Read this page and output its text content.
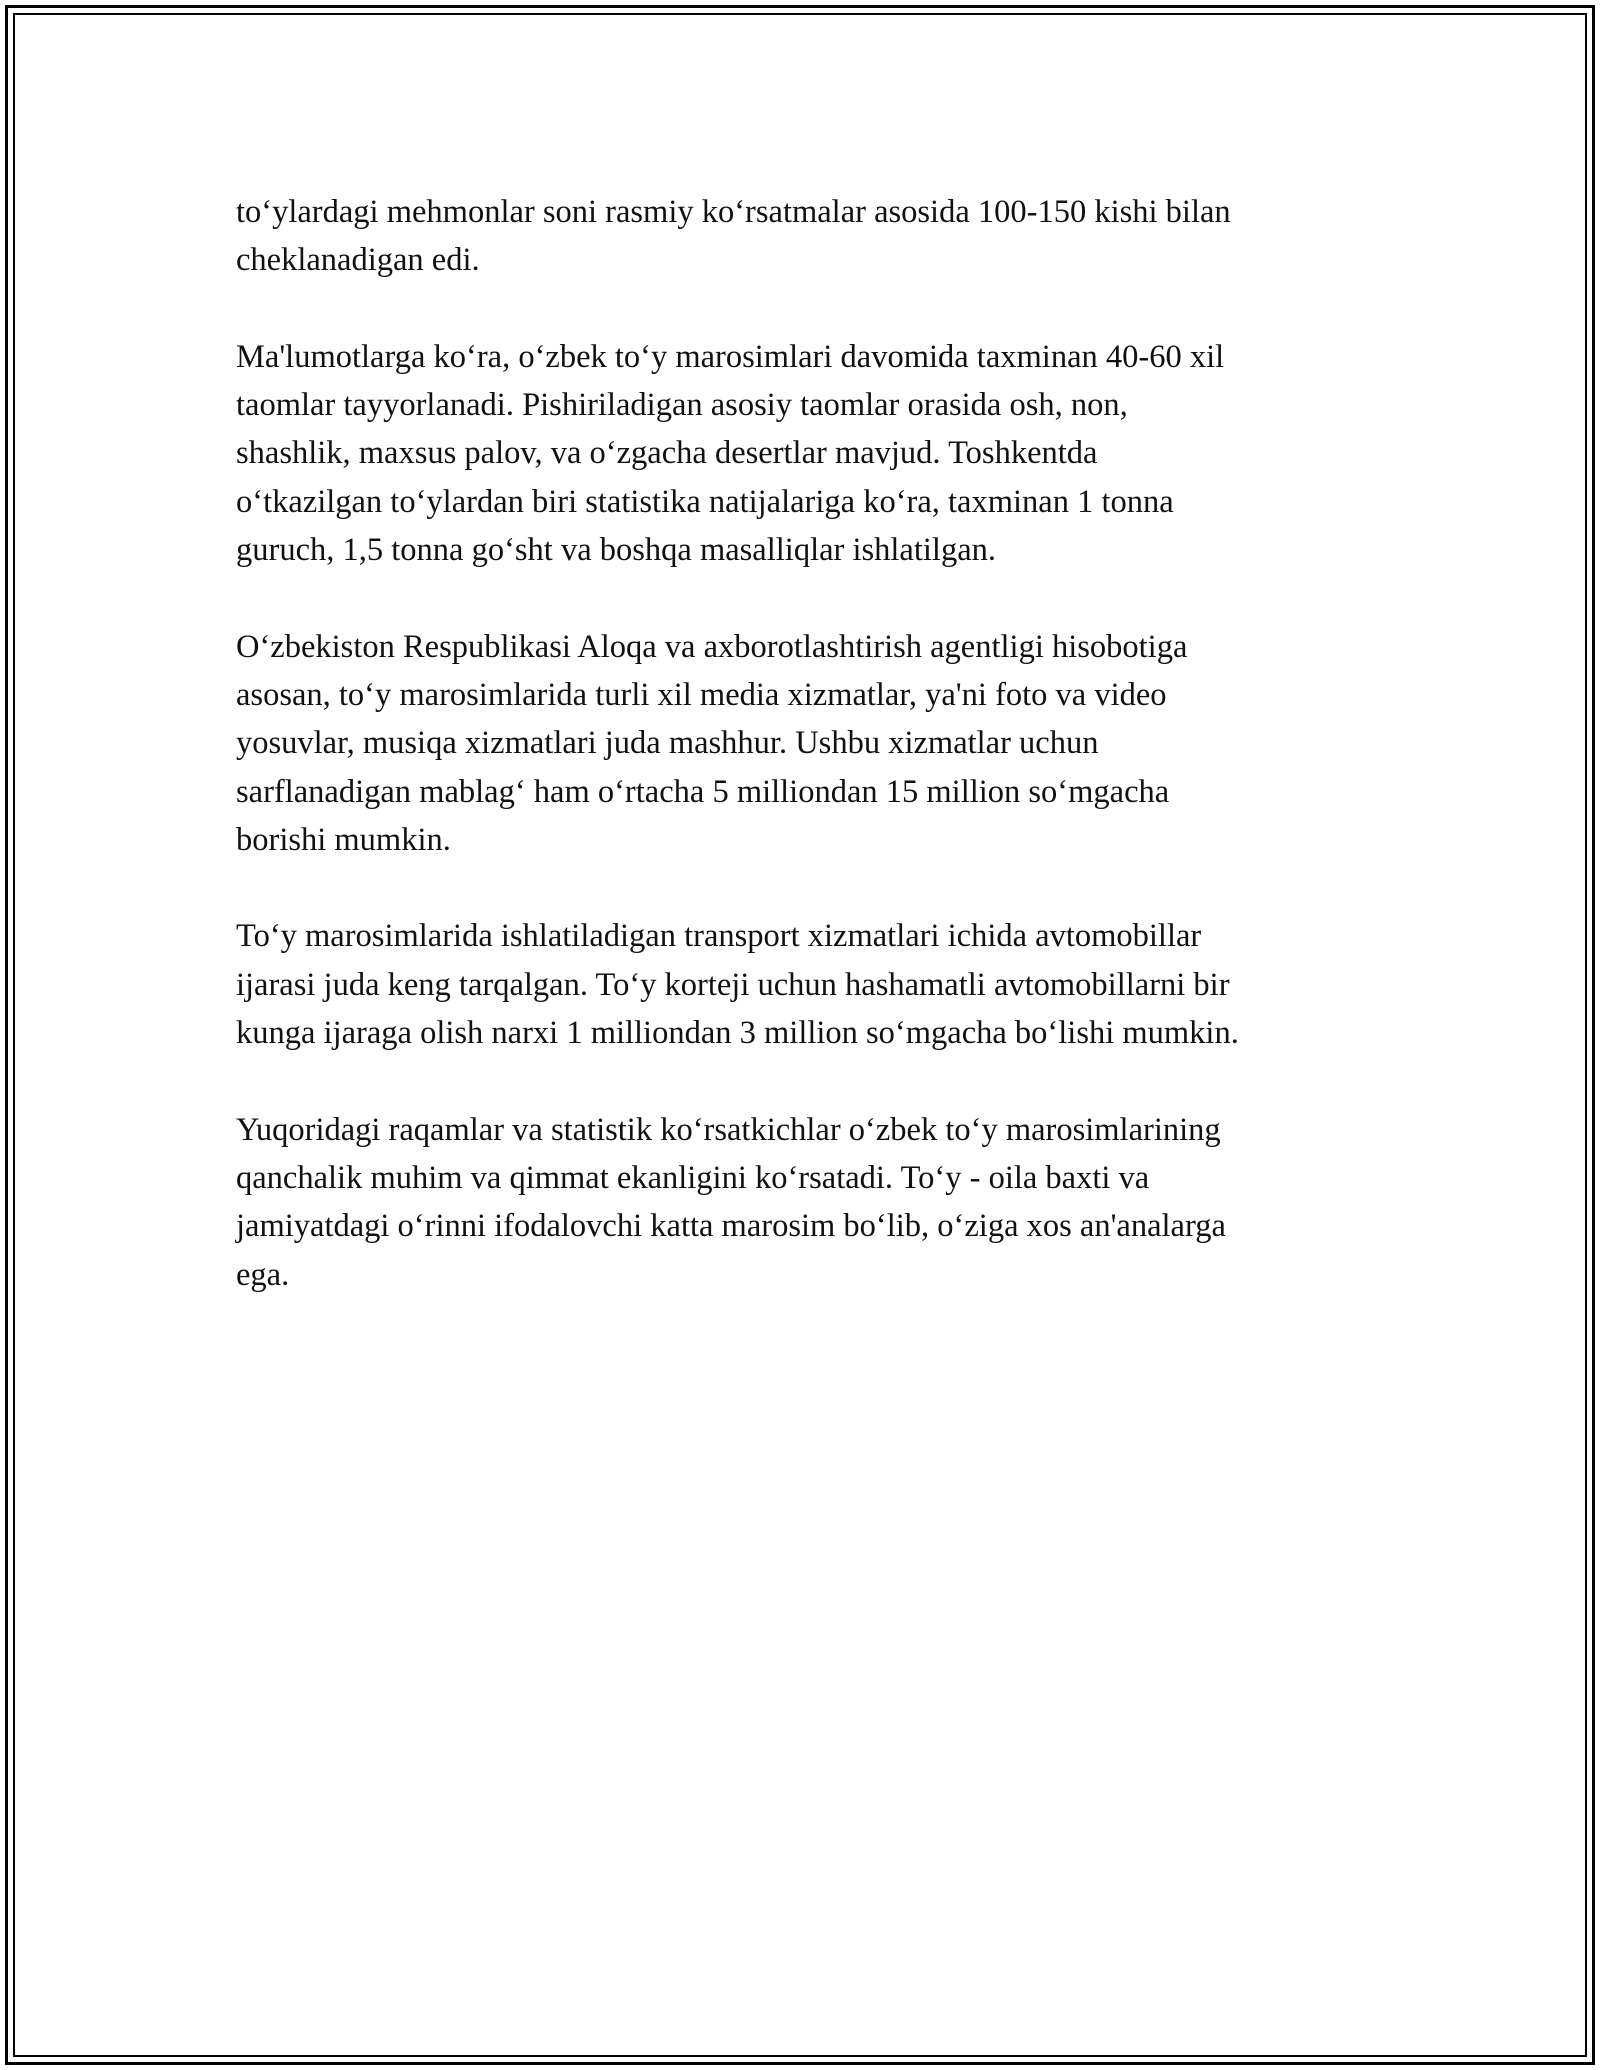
to‘ylardagi mehmonlar soni rasmiy ko‘rsatmalar asosida 100-150 kishi bilan
cheklanadigan edi.

Ma'lumotlarga ko‘ra, o‘zbek to‘y marosimlari davomida taxminan 40-60 xil
taomlar tayyorlanadi. Pishiriladigan asosiy taomlar orasida osh, non,
shashlik, maxsus palov, va o‘zgacha desertlar mavjud. Toshkentda
o‘tkazilgan to‘ylardan biri statistika natijalariga ko‘ra, taxminan 1 tonna
guruch, 1,5 tonna go‘sht va boshqa masalliqlar ishlatilgan.

O‘zbekiston Respublikasi Aloqa va axborotlashtirish agentligi hisobotiga
asosan, to‘y marosimlarida turli xil media xizmatlar, ya'ni foto va video
yosuvlar, musiqa xizmatlari juda mashhur. Ushbu xizmatlar uchun
sarflanadigan mablag‘ ham o‘rtacha 5 milliondan 15 million so‘mgacha
borishi mumkin.

To‘y marosimlarida ishlatiladigan transport xizmatlari ichida avtomobillar
ijarasi juda keng tarqalgan. To‘y korteji uchun hashamatli avtomobillarni bir
kunga ijaraga olish narxi 1 milliondan 3 million so‘mgacha bo‘lishi mumkin.

Yuqoridagi raqamlar va statistik ko‘rsatkichlar o‘zbek to‘y marosimlarining
qanchalik muhim va qimmat ekanligini ko‘rsatadi. To‘y - oila baxti va
jamiyatdagi o‘rinni ifodalovchi katta marosim bo‘lib, o‘ziga xos an'analarga
ega.
